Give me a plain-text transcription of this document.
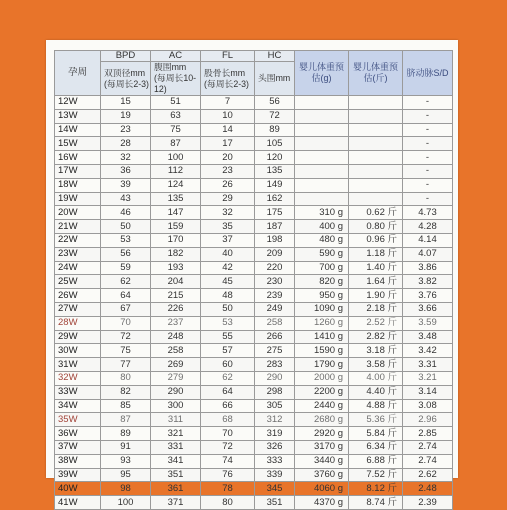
孕周	BPD	AC	FL	HC	婴儿体重预估(g)	婴儿体重预估(斤)	脐动脉S/D
	双顶径mm (每周长2-3)	腹围mm (每周长10-12)	股骨长mm (每周长2-3)	头围mm			
12W	15	51	7	56			-
13W	19	63	10	72			-
14W	23	75	14	89			-
15W	28	87	17	105			-
16W	32	100	20	120			-
17W	36	112	23	135			-
18W	39	124	26	149			-
19W	43	135	29	162			-
20W	46	147	32	175	310 g	0.62 斤	4.73
21W	50	159	35	187	400 g	0.80 斤	4.28
22W	53	170	37	198	480 g	0.96 斤	4.14
23W	56	182	40	209	590 g	1.18 斤	4.07
24W	59	193	42	220	700 g	1.40 斤	3.86
25W	62	204	45	230	820 g	1.64 斤	3.82
26W	64	215	48	239	950 g	1.90 斤	3.76
27W	67	226	50	249	1090 g	2.18 斤	3.66
28W	70	237	53	258	1260 g	2.52 斤	3.59
29W	72	248	55	266	1410 g	2.82 斤	3.48
30W	75	258	57	275	1590 g	3.18 斤	3.42
31W	77	269	60	283	1790 g	3.58 斤	3.31
32W	80	279	62	290	2000 g	4.00 斤	3.21
33W	82	290	64	298	2200 g	4.40 斤	3.14
34W	85	300	66	305	2440 g	4.88 斤	3.08
35W	87	311	68	312	2680 g	5.36 斤	2.96
36W	89	321	70	319	2920 g	5.84 斤	2.85
37W	91	331	72	326	3170 g	6.34 斤	2.74
38W	93	341	74	333	3440 g	6.88 斤	2.74
39W	95	351	76	339	3760 g	7.52 斤	2.62
40W	98	361	78	345	4060 g	8.12 斤	2.48
41W	100	371	80	351	4370 g	8.74 斤	2.39
